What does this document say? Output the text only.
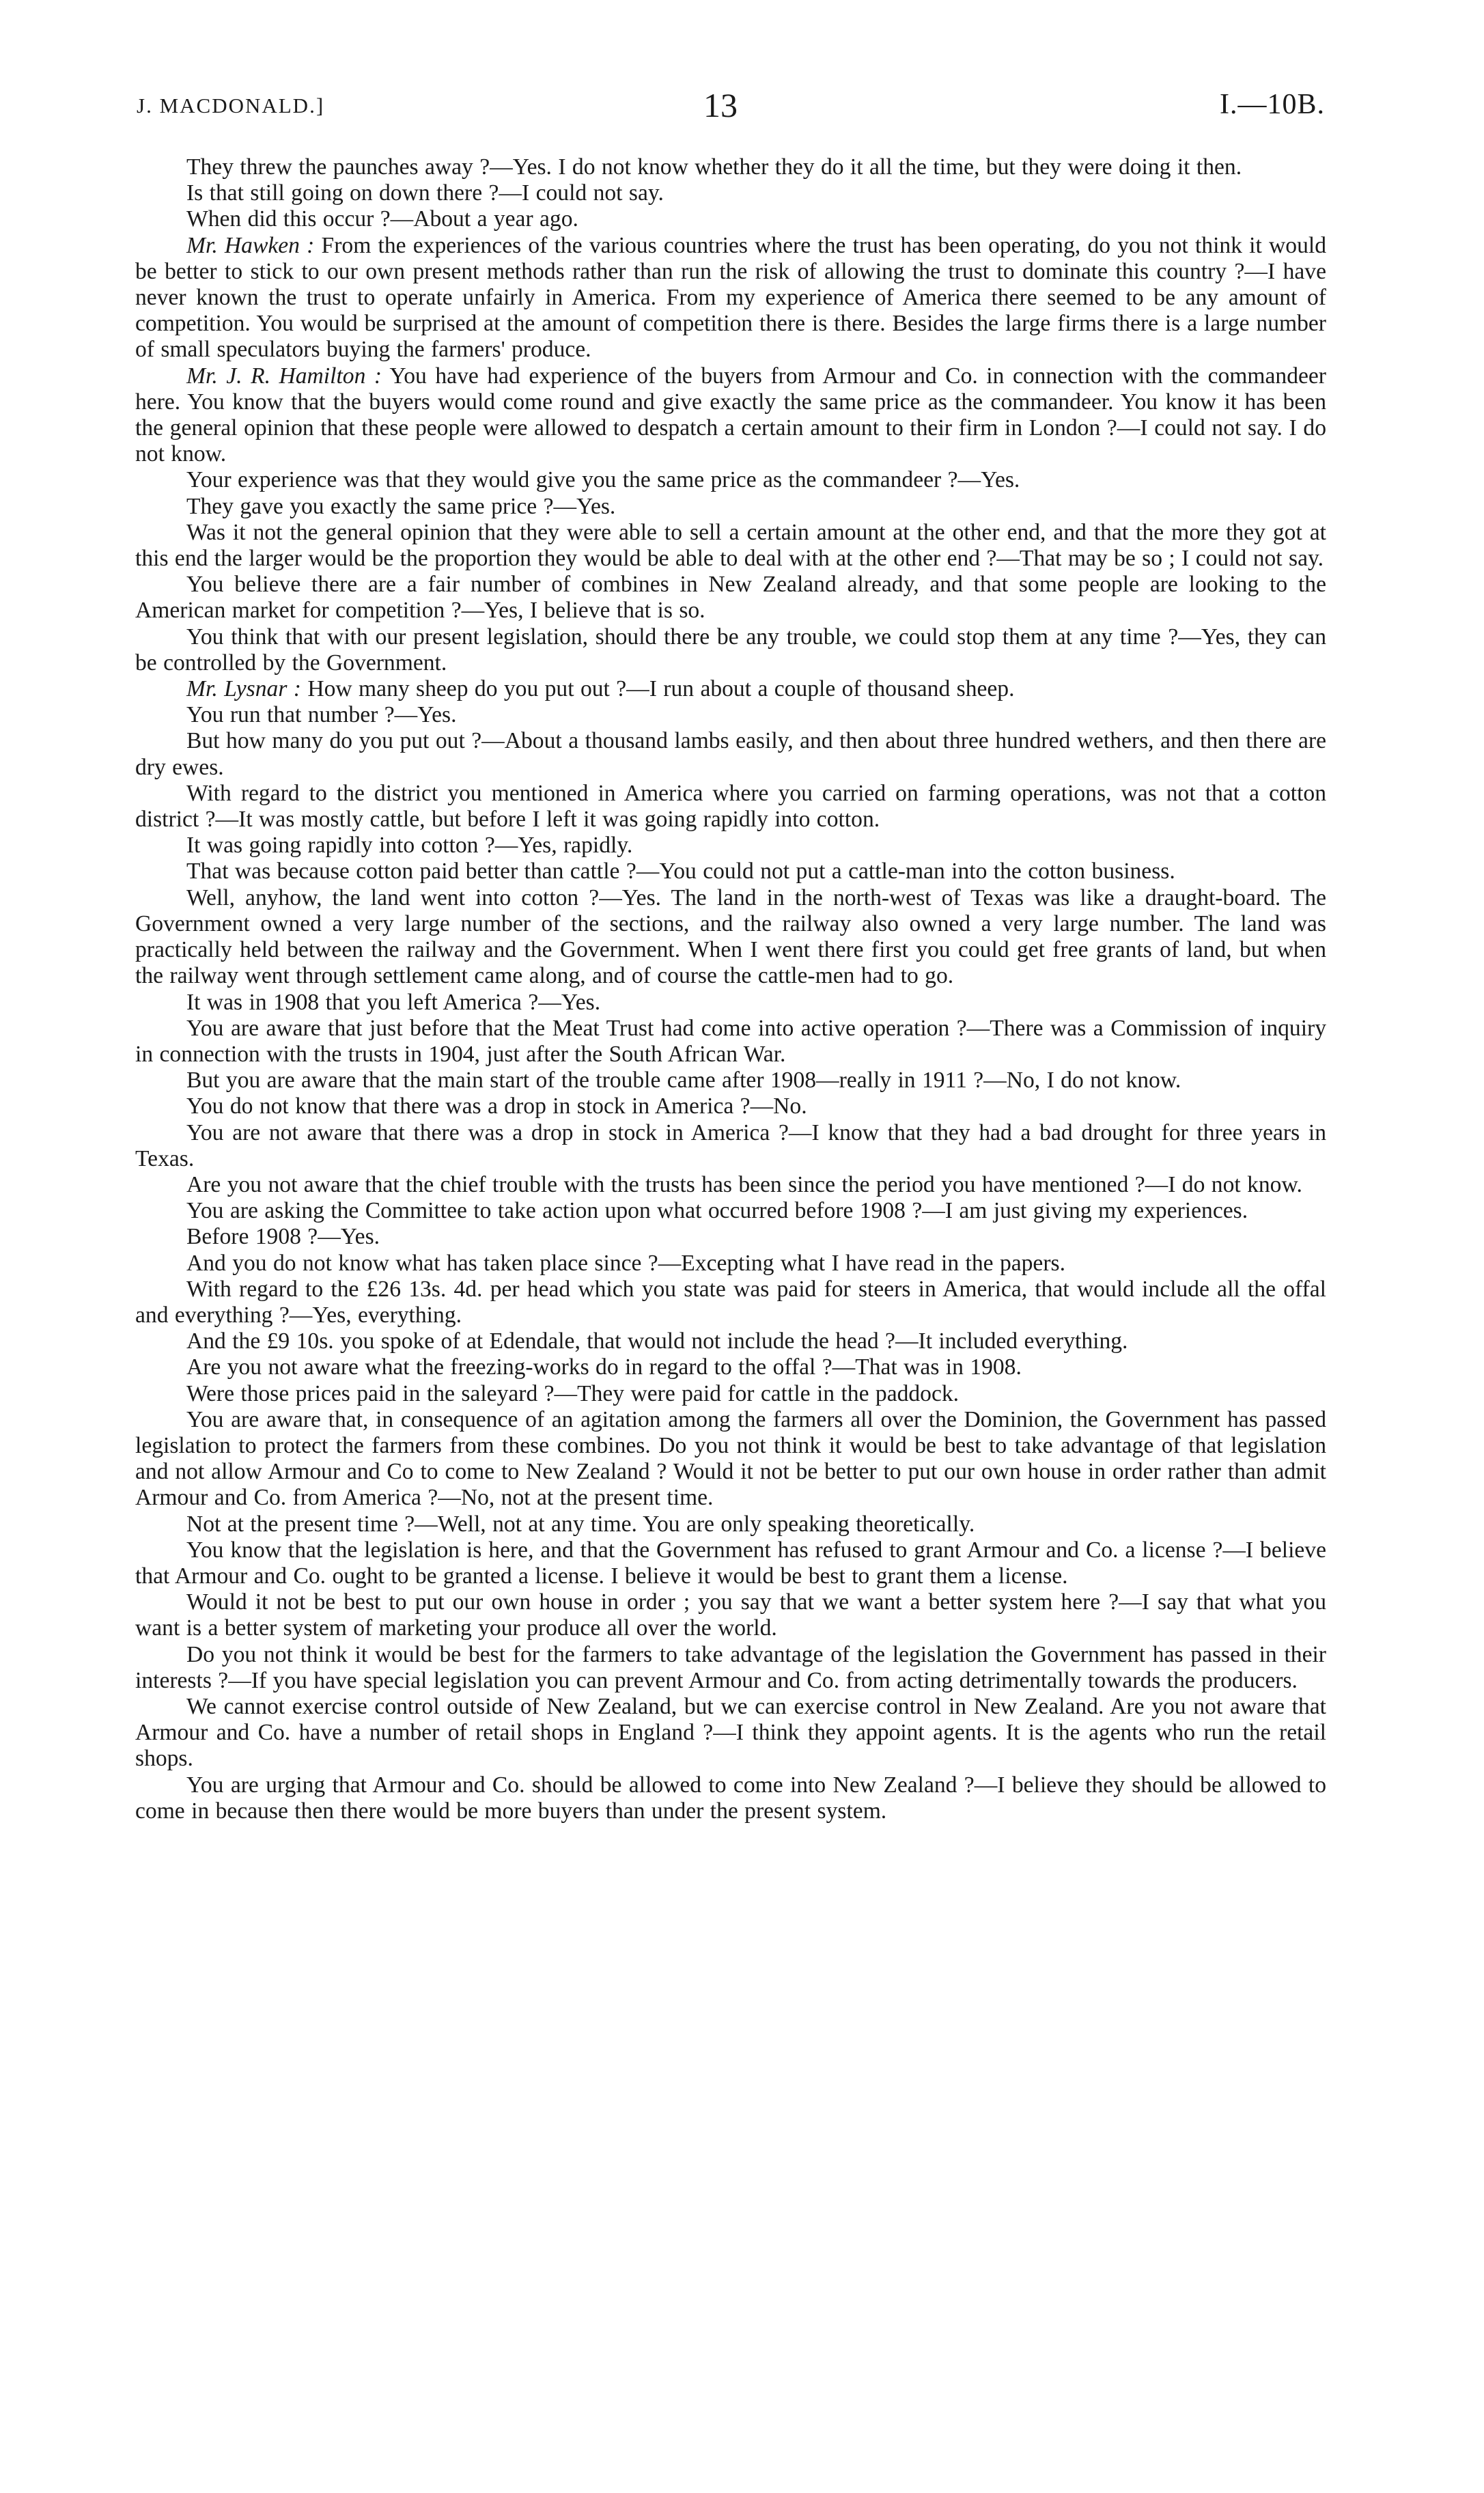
J. MACDONALD.]	13	I.—10B.

They threw the paunches away ?—Yes. I do not know whether they do it all the time, but they were doing it then.

Is that still going on down there ?—I could not say.

When did this occur ?—About a year ago.

Mr. Hawken : From the experiences of the various countries where the trust has been operating, do you not think it would be better to stick to our own present methods rather than run the risk of allowing the trust to dominate this country ?—I have never known the trust to operate unfairly in America. From my experience of America there seemed to be any amount of competition. You would be surprised at the amount of competition there is there. Besides the large firms there is a large number of small speculators buying the farmers' produce.

Mr. J. R. Hamilton : You have had experience of the buyers from Armour and Co. in connection with the commandeer here. You know that the buyers would come round and give exactly the same price as the commandeer. You know it has been the general opinion that these people were allowed to despatch a certain amount to their firm in London ?—I could not say. I do not know.

Your experience was that they would give you the same price as the commandeer ?—Yes.

They gave you exactly the same price ?—Yes.

Was it not the general opinion that they were able to sell a certain amount at the other end, and that the more they got at this end the larger would be the proportion they would be able to deal with at the other end ?—That may be so ; I could not say.

You believe there are a fair number of combines in New Zealand already, and that some people are looking to the American market for competition ?—Yes, I believe that is so.

You think that with our present legislation, should there be any trouble, we could stop them at any time ?—Yes, they can be controlled by the Government.

Mr. Lysnar : How many sheep do you put out ?—I run about a couple of thousand sheep.

You run that number ?—Yes.

But how many do you put out ?—About a thousand lambs easily, and then about three hundred wethers, and then there are dry ewes.

With regard to the district you mentioned in America where you carried on farming operations, was not that a cotton district ?—It was mostly cattle, but before I left it was going rapidly into cotton.

It was going rapidly into cotton ?—Yes, rapidly.

That was because cotton paid better than cattle ?—You could not put a cattle-man into the cotton business.

Well, anyhow, the land went into cotton ?—Yes. The land in the north-west of Texas was like a draught-board. The Government owned a very large number of the sections, and the railway also owned a very large number. The land was practically held between the railway and the Government. When I went there first you could get free grants of land, but when the railway went through settlement came along, and of course the cattle-men had to go.

It was in 1908 that you left America ?—Yes.

You are aware that just before that the Meat Trust had come into active operation ?—There was a Commission of inquiry in connection with the trusts in 1904, just after the South African War.

But you are aware that the main start of the trouble came after 1908—really in 1911 ?—No, I do not know.

You do not know that there was a drop in stock in America ?—No.

You are not aware that there was a drop in stock in America ?—I know that they had a bad drought for three years in Texas.

Are you not aware that the chief trouble with the trusts has been since the period you have mentioned ?—I do not know.

You are asking the Committee to take action upon what occurred before 1908 ?—I am just giving my experiences.

Before 1908 ?—Yes.

And you do not know what has taken place since ?—Excepting what I have read in the papers.

With regard to the £26 13s. 4d. per head which you state was paid for steers in America, that would include all the offal and everything ?—Yes, everything.

And the £9 10s. you spoke of at Edendale, that would not include the head ?—It included everything.

Are you not aware what the freezing-works do in regard to the offal ?—That was in 1908.

Were those prices paid in the saleyard ?—They were paid for cattle in the paddock.

You are aware that, in consequence of an agitation among the farmers all over the Dominion, the Government has passed legislation to protect the farmers from these combines. Do you not think it would be best to take advantage of that legislation and not allow Armour and Co to come to New Zealand ? Would it not be better to put our own house in order rather than admit Armour and Co. from America ?—No, not at the present time.

Not at the present time ?—Well, not at any time. You are only speaking theoretically.

You know that the legislation is here, and that the Government has refused to grant Armour and Co. a license ?—I believe that Armour and Co. ought to be granted a license. I believe it would be best to grant them a license.

Would it not be best to put our own house in order ; you say that we want a better system here ?—I say that what you want is a better system of marketing your produce all over the world.

Do you not think it would be best for the farmers to take advantage of the legislation the Government has passed in their interests ?—If you have special legislation you can prevent Armour and Co. from acting detrimentally towards the producers.

We cannot exercise control outside of New Zealand, but we can exercise control in New Zealand. Are you not aware that Armour and Co. have a number of retail shops in England ?—I think they appoint agents. It is the agents who run the retail shops.

You are urging that Armour and Co. should be allowed to come into New Zealand ?—I believe they should be allowed to come in because then there would be more buyers than under the present system.
